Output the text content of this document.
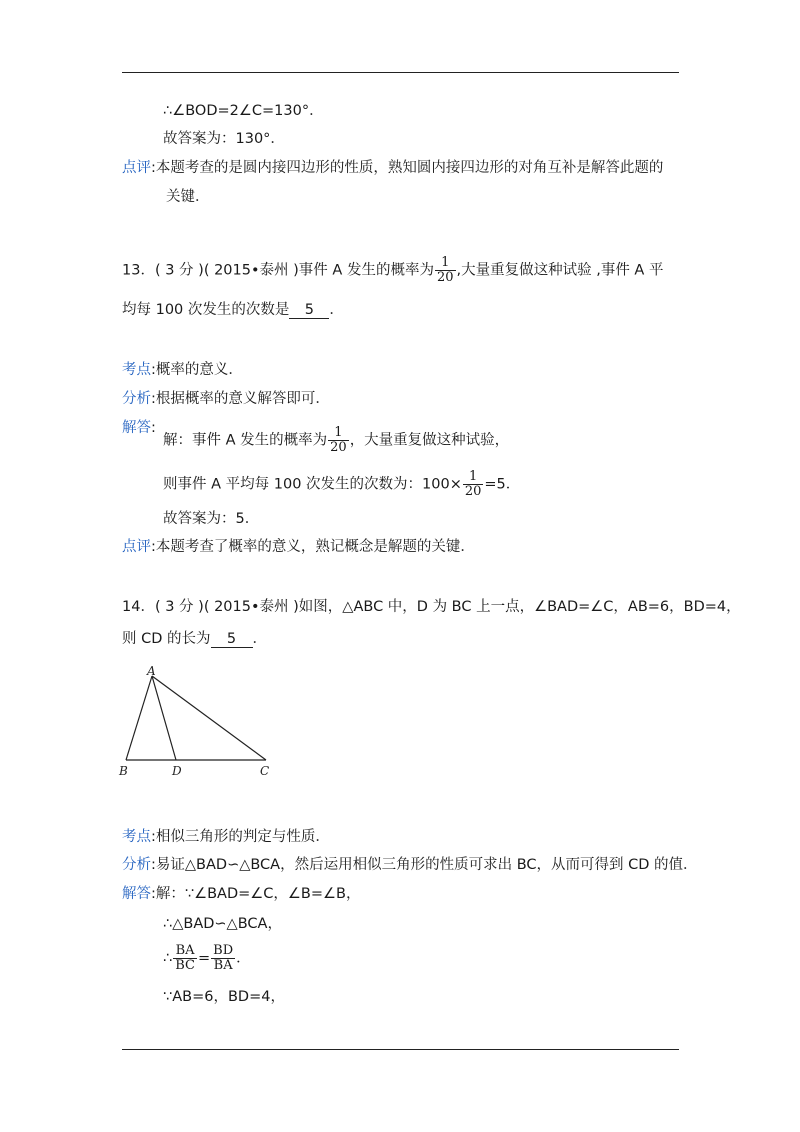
∴∠BOD=2∠C=130°．
故答案为：130°．
点评:本题考查的是圆内接四边形的性质，熟知圆内接四边形的对角互补是解答此题的
关键．
13．( 3 分 )( 2015•泰州 )事件 A 发生的概率为 $\frac{1}{20}$ ,大量重复做这种试验 ,事件 A 平
均每 100 次发生的次数是 5 ．
考点:概率的意义．
分析:根据概率的意义解答即可．
解答:
解：事件 A 发生的概率为 $\frac{1}{20}$ ，大量重复做这种试验，
则事件 A 平均每 100 次发生的次数为：$100\times \frac{1}{20} =5$．
故答案为：5．
点评:本题考查了概率的意义，熟记概念是解题的关键．
14．( 3 分 )( 2015•泰州 )如图，△ABC 中，D 为 BC 上一点，∠BAD=∠C，AB=6，BD=4，
则 CD 的长为 5 ．
A
B	D	C
考点:相似三角形的判定与性质．
分析:易证△BAD∽△BCA，然后运用相似三角形的性质可求出 BC，从而可得到 CD 的值．
解答:解：∵∠BAD=∠C，∠B=∠B，
∴△BAD∽△BCA，
∴ $\frac{BA}{BC} = \frac{BD}{BA}$ ．
∵AB=6，BD=4，
